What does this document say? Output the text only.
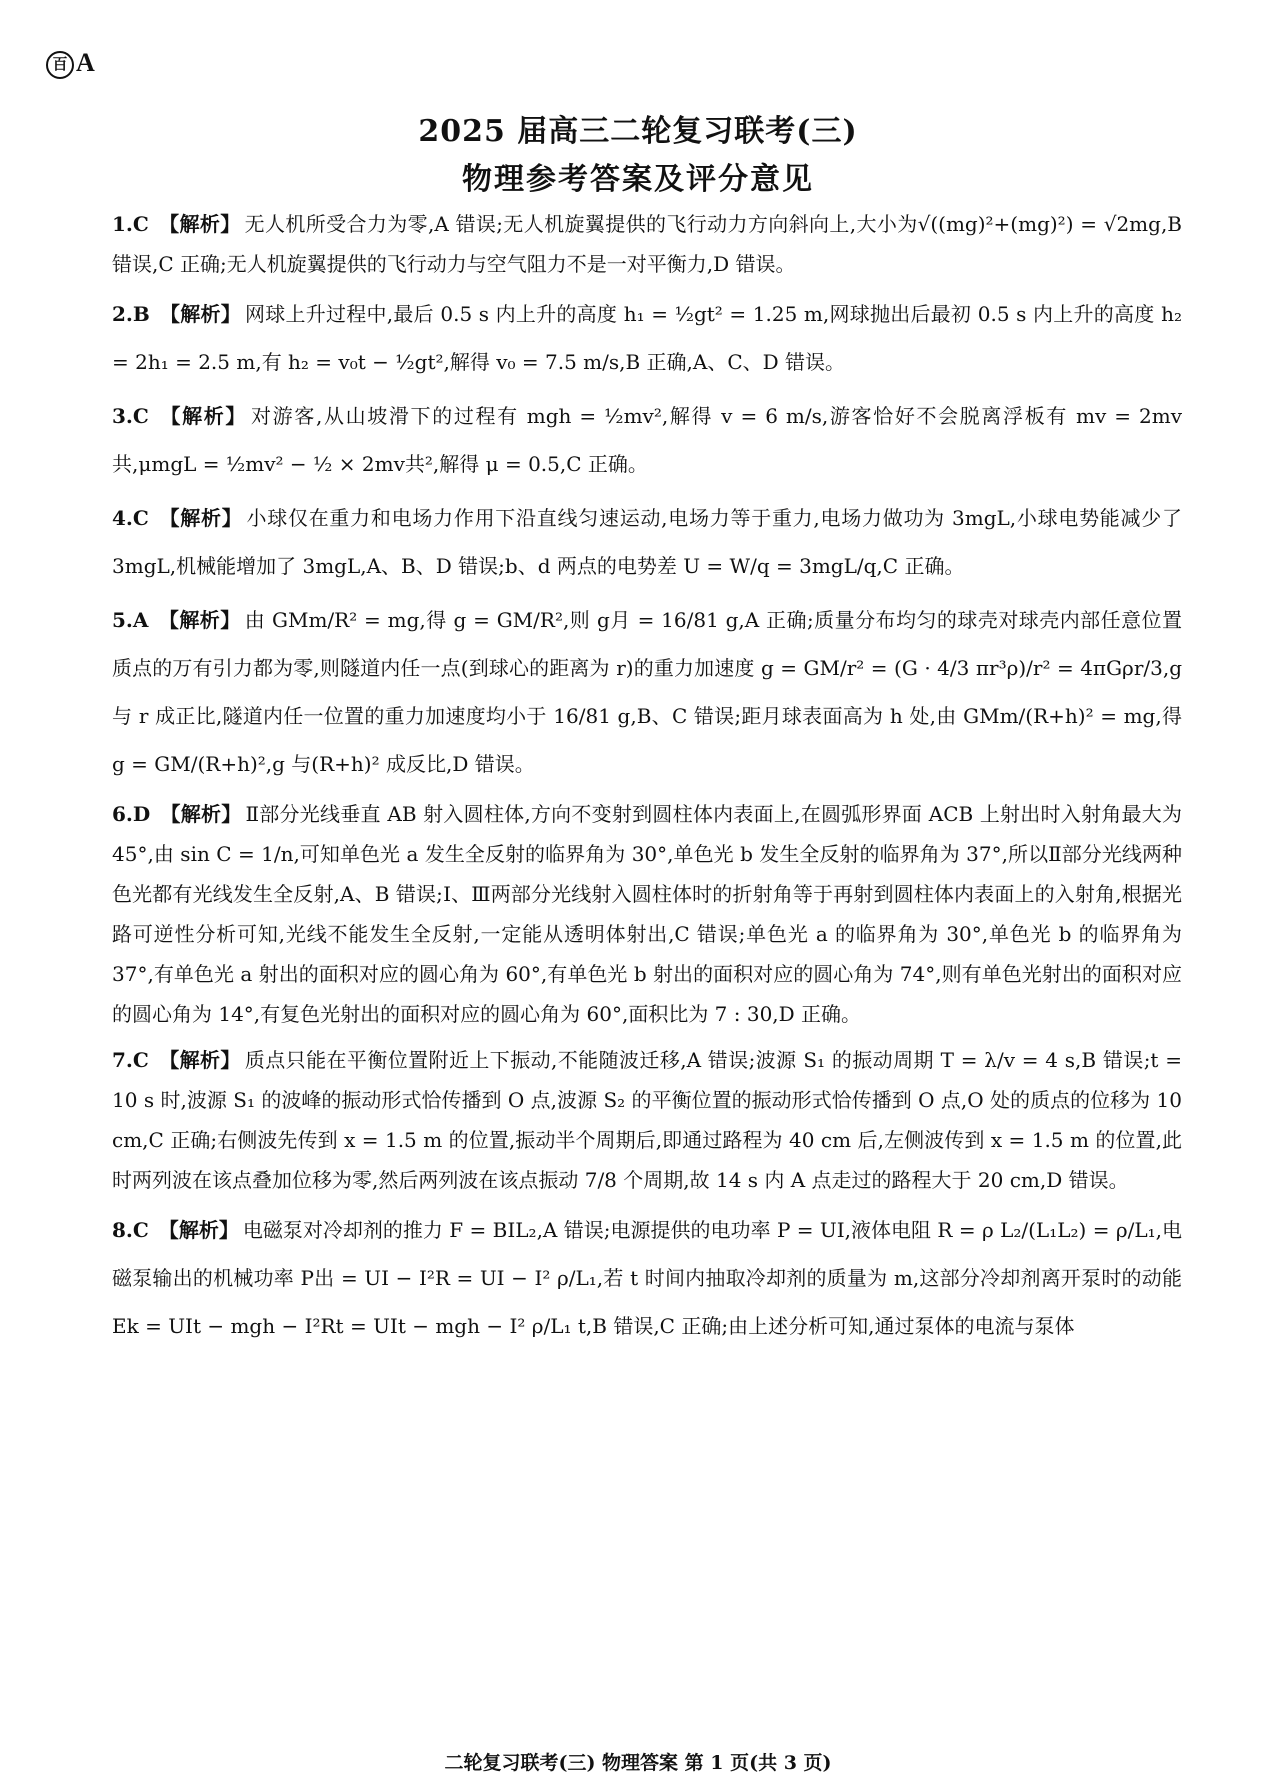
百 A
2025 届高三二轮复习联考(三)
物理参考答案及评分意见
1.C 【解析】 无人机所受合力为零,A 错误;无人机旋翼提供的飞行动力方向斜向上,大小为√((mg)²+(mg)²) = √2mg,B 错误,C 正确;无人机旋翼提供的飞行动力与空气阻力不是一对平衡力,D 错误。
2.B 【解析】 网球上升过程中,最后 0.5 s 内上升的高度 h₁ = ½gt² = 1.25 m,网球抛出后最初 0.5 s 内上升的高度 h₂ = 2h₁ = 2.5 m,有 h₂ = v₀t − ½gt²,解得 v₀ = 7.5 m/s,B 正确,A、C、D 错误。
3.C 【解析】 对游客,从山坡滑下的过程有 mgh = ½mv²,解得 v = 6 m/s,游客恰好不会脱离浮板有 mv = 2mv共,μmgL = ½mv² − ½ × 2mv共²,解得 μ = 0.5,C 正确。
4.C 【解析】 小球仅在重力和电场力作用下沿直线匀速运动,电场力等于重力,电场力做功为 3mgL,小球电势能减少了 3mgL,机械能增加了 3mgL,A、B、D 错误;b、d 两点的电势差 U = W/q = 3mgL/q,C 正确。
5.A 【解析】 由 GMm/R² = mg,得 g = GM/R²,则 g月 = 16/81 g,A 正确;质量分布均匀的球壳对球壳内部任意位置质点的万有引力都为零,则隧道内任一点(到球心的距离为 r)的重力加速度 g = GM/r² = (G · 4/3 πr³ρ)/r² = 4πGρr/3,g 与 r 成正比,隧道内任一位置的重力加速度均小于 16/81 g,B、C 错误;距月球表面高为 h 处,由 GMm/(R+h)² = mg,得 g = GM/(R+h)²,g 与(R+h)² 成反比,D 错误。
6.D 【解析】 Ⅱ部分光线垂直 AB 射入圆柱体,方向不变射到圆柱体内表面上,在圆弧形界面 ACB 上射出时入射角最大为 45°,由 sin C = 1/n,可知单色光 a 发生全反射的临界角为 30°,单色光 b 发生全反射的临界角为 37°,所以Ⅱ部分光线两种色光都有光线发生全反射,A、B 错误;Ⅰ、Ⅲ两部分光线射入圆柱体时的折射角等于再射到圆柱体内表面上的入射角,根据光路可逆性分析可知,光线不能发生全反射,一定能从透明体射出,C 错误;单色光 a 的临界角为 30°,单色光 b 的临界角为 37°,有单色光 a 射出的面积对应的圆心角为 60°,有单色光 b 射出的面积对应的圆心角为 74°,则有单色光射出的面积对应的圆心角为 14°,有复色光射出的面积对应的圆心角为 60°,面积比为 7 : 30,D 正确。
7.C 【解析】 质点只能在平衡位置附近上下振动,不能随波迁移,A 错误;波源 S₁ 的振动周期 T = λ/v = 4 s,B 错误;t = 10 s 时,波源 S₁ 的波峰的振动形式恰传播到 O 点,波源 S₂ 的平衡位置的振动形式恰传播到 O 点,O 处的质点的位移为 10 cm,C 正确;右侧波先传到 x = 1.5 m 的位置,振动半个周期后,即通过路程为 40 cm 后,左侧波传到 x = 1.5 m 的位置,此时两列波在该点叠加位移为零,然后两列波在该点振动 7/8 个周期,故 14 s 内 A 点走过的路程大于 20 cm,D 错误。
8.C 【解析】 电磁泵对冷却剂的推力 F = BIL₂,A 错误;电源提供的电功率 P = UI,液体电阻 R = ρ L₂/(L₁L₂) = ρ/L₁,电磁泵输出的机械功率 P出 = UI − I²R = UI − I² ρ/L₁,若 t 时间内抽取冷却剂的质量为 m,这部分冷却剂离开泵时的动能 Ek = UIt − mgh − I²Rt = UIt − mgh − I² ρ/L₁ t,B 错误,C 正确;由上述分析可知,通过泵体的电流与泵体
二轮复习联考(三) 物理答案 第 1 页(共 3 页)
